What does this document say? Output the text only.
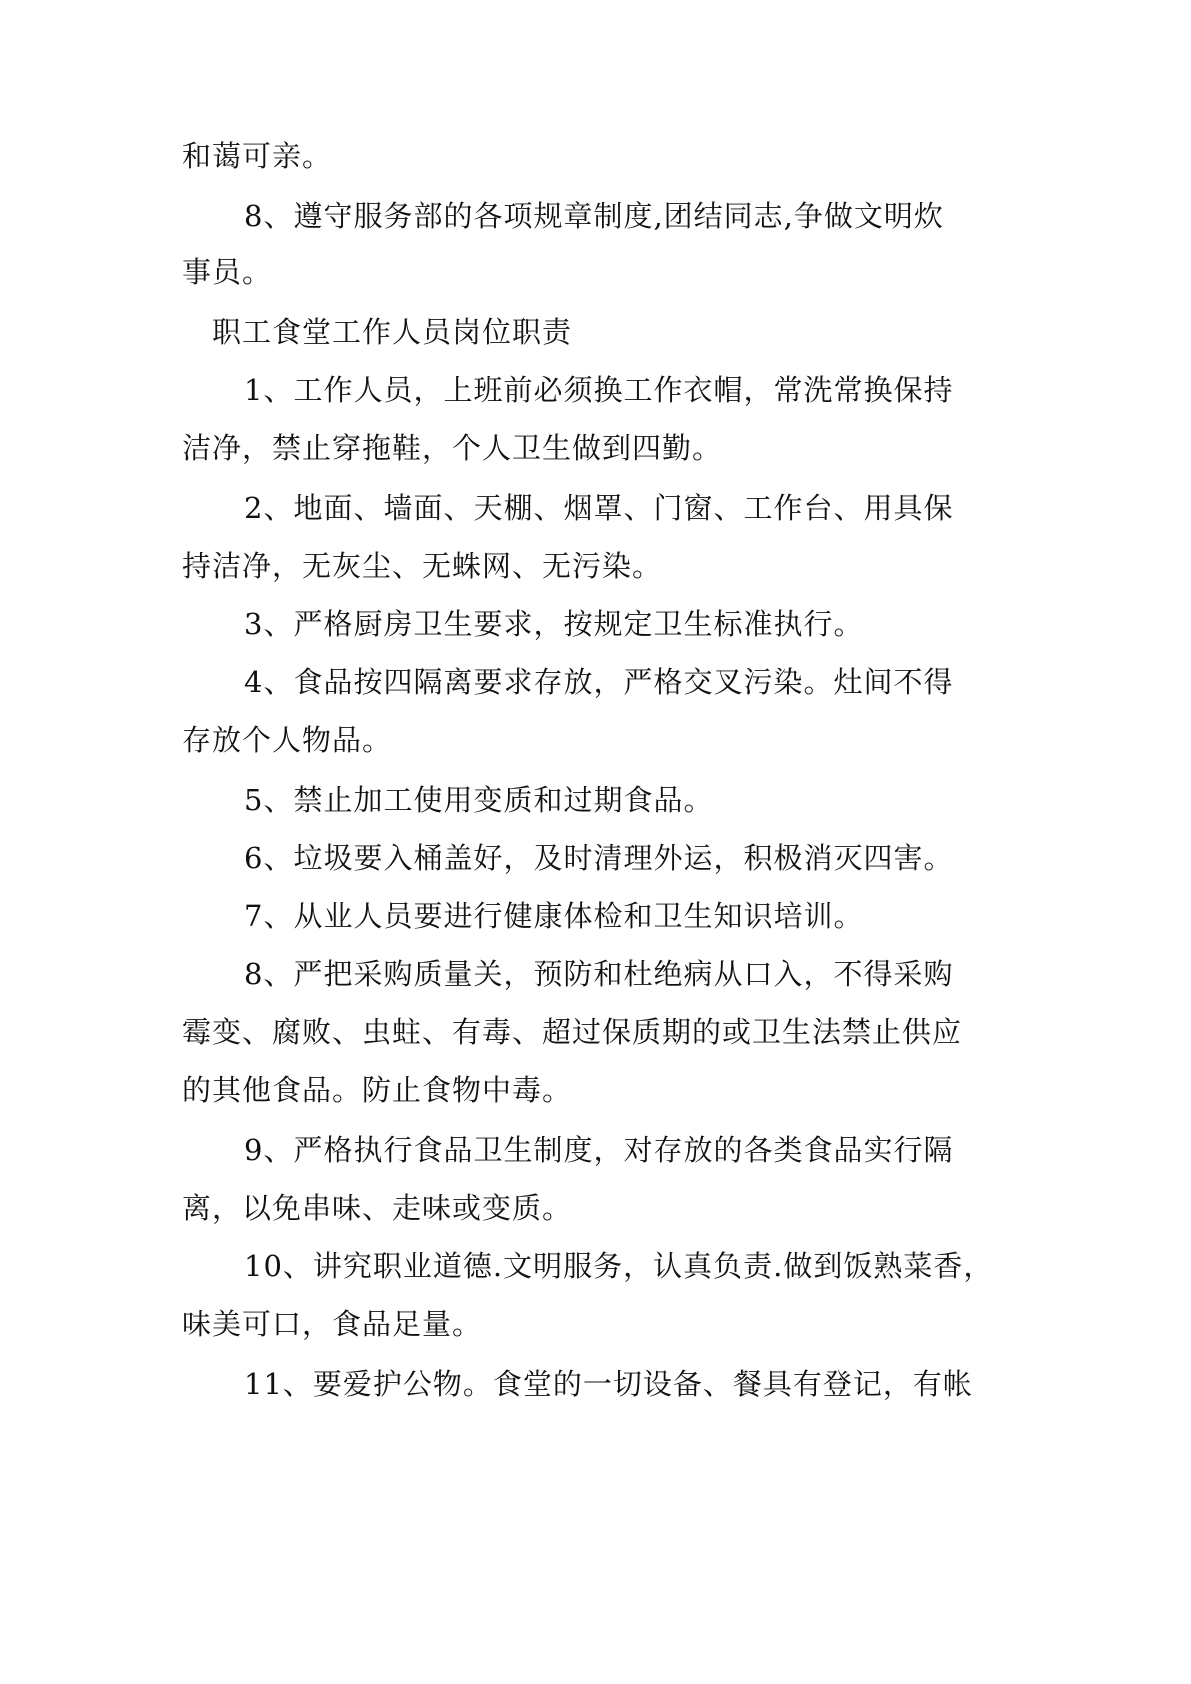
和蔼可亲。
8、遵守服务部的各项规章制度,团结同志,争做文明炊
事员。
职工食堂工作人员岗位职责
1、工作人员，上班前必须换工作衣帽，常洗常换保持
洁净，禁止穿拖鞋，个人卫生做到四勤。
2、地面、墙面、天棚、烟罩、门窗、工作台、用具保
持洁净，无灰尘、无蛛网、无污染。
3、严格厨房卫生要求，按规定卫生标准执行。
4、食品按四隔离要求存放，严格交叉污染。灶间不得
存放个人物品。
5、禁止加工使用变质和过期食品。
6、垃圾要入桶盖好，及时清理外运，积极消灭四害。
7、从业人员要进行健康体检和卫生知识培训。
8、严把采购质量关，预防和杜绝病从口入，不得采购
霉变、腐败、虫蛀、有毒、超过保质期的或卫生法禁止供应
的其他食品。防止食物中毒。
9、严格执行食品卫生制度，对存放的各类食品实行隔
离，以免串味、走味或变质。
10、讲究职业道德.文明服务，认真负责.做到饭熟菜香，
味美可口，食品足量。
11、要爱护公物。食堂的一切设备、餐具有登记，有帐
